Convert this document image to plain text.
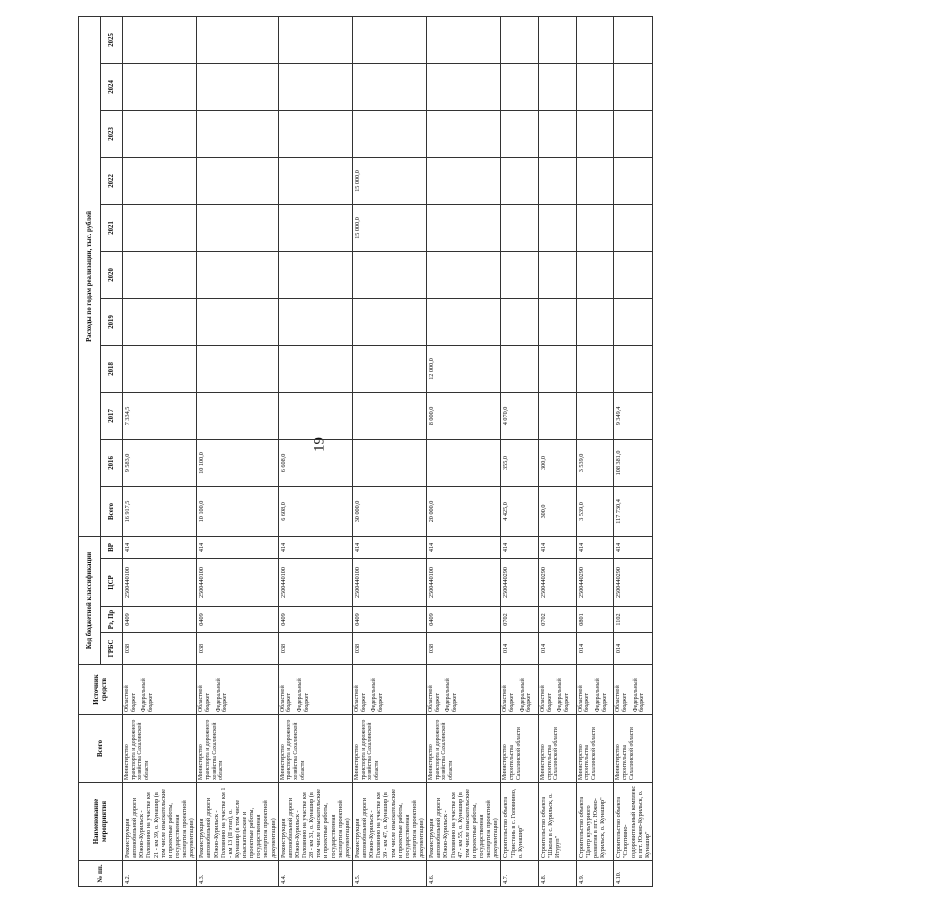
19
№ пп.	Наименование мероприятия	Всего	Источник средств	Код бюджетной классификации				Расходы по годам реализации, тыс. рублей										
				ГРБС	Рз, Пр	ЦСР	ВР	Всего	2016	2017	2018	2019	2020	2021	2022	2023	2024	2025
4.2.	Реконструкция автомобильной дороги Южно-Курильск - Головнино на участке км 21 - км 39, о. Кунашир (в том числе изыскательские и проектные работы, государственная экспертиза проектной документации)	Министерство транспорта и дорожного хозяйства Сахалинской области	Областной бюджет Федеральный бюджет	038	0409	2500440100	414	16 917,5	9 583,0	7 334,5								
4.3.	Реконструкция автомобильной дороги Южно-Курильск - Головнино на участке км 1 - км 13 (II этап), о. Кунашир (в том числе изыскательские и проектные работы, государственная экспертиза проектной документации)	Министерство транспорта и дорожного хозяйства Сахалинской области	Областной бюджет Федеральный бюджет	038	0409	2500440100	414	10 100,0	10 100,0									
4.4.	Реконструкция автомобильной дороги Южно-Курильск - Головнино на участке км 28 - км 31, о. Кунашир (в том числе изыскательские и проектные работы, государственная экспертиза проектной документации)	Министерство транспорта и дорожного хозяйства Сахалинской области	Областной бюджет Федеральный бюджет	038	0409	2500440100	414	6 608,0	6 608,0									
4.5.	Реконструкция автомобильной дороги Южно-Курильск - Головнино на участке км 39 - км 47, о. Кунашир (в том числе изыскательские и проектные работы, государственная экспертиза проектной документации)	Министерство транспорта и дорожного хозяйства Сахалинской области	Областной бюджет Федеральный бюджет	038	0409	2500440100	414	30 000,0						15 000,0	15 000,0			
4.6.	Реконструкция автомобильной дороги Южно-Курильск - Головнино на участке км 47 - км 55, о. Кунашир (в том числе изыскательские и проектные работы, государственная экспертиза проектной документации)	Министерство транспорта и дорожного хозяйства Сахалинской области	Областной бюджет Федеральный бюджет	038	0409	2500440100	414	20 000,0		8 000,0	12 000,0							
4.7.	Строительство объекта "Пристань в с. Головнино, о. Кунашир"	Министерство строительства Сахалинской области	Областной бюджет Федеральный бюджет	014	0702	2500440290	414	4 425,0	355,0	4 070,0								
4.8.	Строительство объекта "Школа в с. Курильск, о. Итуруп"	Министерство строительства Сахалинской области	Областной бюджет Федеральный бюджет	014	0702	2500440290	414	300,0	300,0									
4.9.	Строительство объекта "Центр культурного развития в пгт. Южно-Курильск, о. Кунашир"	Министерство строительства Сахалинской области	Областной бюджет Федеральный бюджет	014	0801	2500440290	414	3 539,0	3 539,0									
4.10.	Строительство объекта "Спортивно-оздоровительный комплекс в пгт. Южно-Курильск, о. Кунашир"	Министерство строительства Сахалинской области	Областной бюджет Федеральный бюджет	014	1102	2500440290	414	117 730,4	108 381,0	9 349,4								
